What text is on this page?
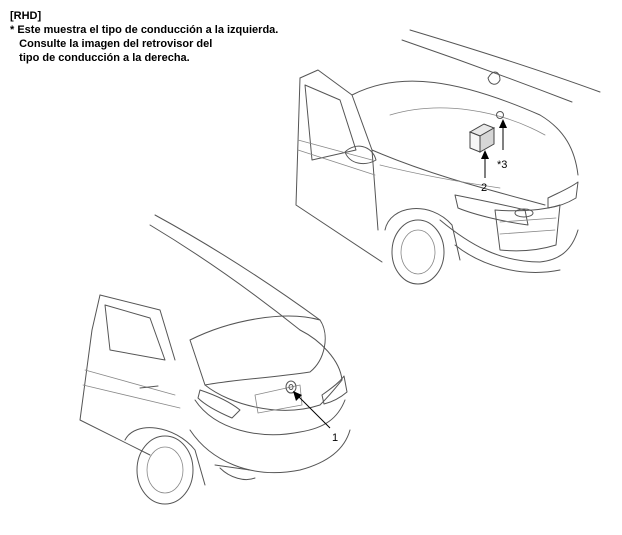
[RHD]
* Este muestra el tipo de conducción a la izquierda.
Consulte la imagen del retrovisor del
tipo de conducción a la derecha.
1
2
*3
